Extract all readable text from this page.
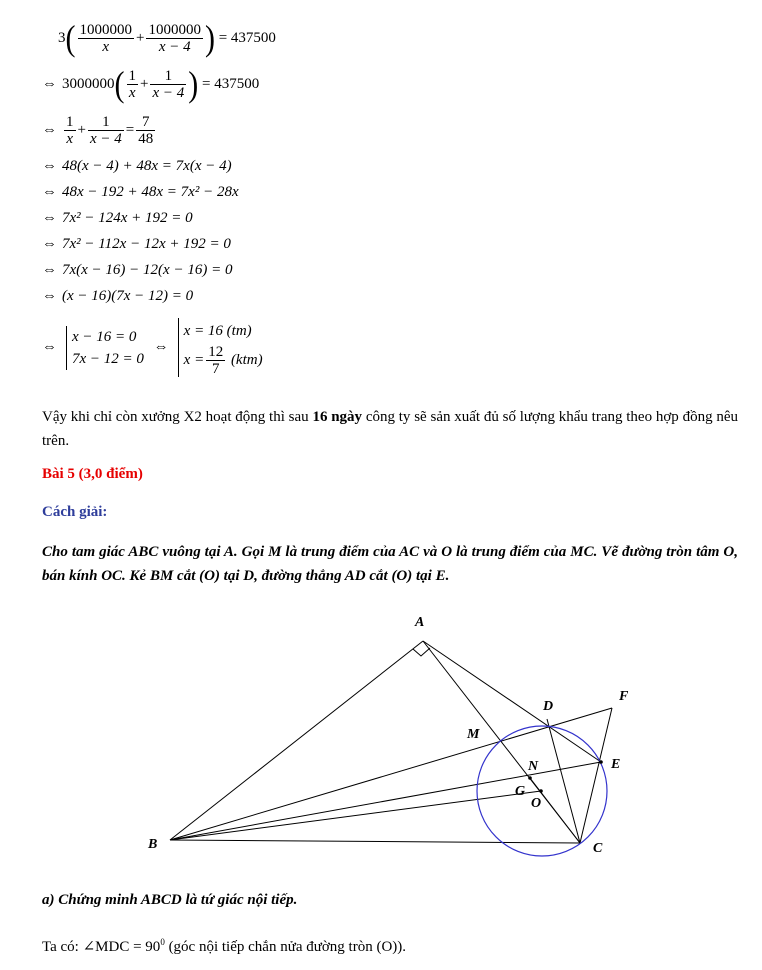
$3( \frac{1000000}{x} + \frac{1000000}{x - 4}$ ) = 437500
⇔ $3000000( \frac{1}{x} + \frac{1}{x - 4}$ ) = 437500
⇔ $\frac{1}{x} + \frac{1}{x - 4} = \frac{7}{48}$
⇔ 48(x − 4) + 48x = 7x(x − 4)
⇔ 48x − 192 + 48x = 7x² − 28x
⇔ 7x² − 124x + 192 = 0
⇔ 7x² − 112x − 12x + 192 = 0
⇔ 7x(x − 16) − 12(x − 16) = 0
⇔ (x − 16)(7x − 12) = 0
⇔
x − 16 = 0
7x − 12 = 0
⇔
x = 16 (tm)
$x = \frac{12}{7} (ktm)$
Vậy khi chỉ còn xưởng X2 hoạt động thì sau 16 ngày công ty sẽ sản xuất đủ số lượng khẩu trang theo hợp đồng nêu trên.
Bài 5 (3,0 điểm)
Cách giải:
Cho tam giác ABC vuông tại A. Gọi M là trung điểm của AC và O là trung điểm của MC. Vẽ đường tròn tâm O, bán kính OC. Kẻ BM cắt (O) tại D, đường thẳng AD cắt (O) tại E.
A
B	C
D
E
F
M
N
G
O
a) Chứng minh ABCD là tứ giác nội tiếp.
Ta có: ∠MDC = $90^0$ (góc nội tiếp chắn nửa đường tròn (O)).
